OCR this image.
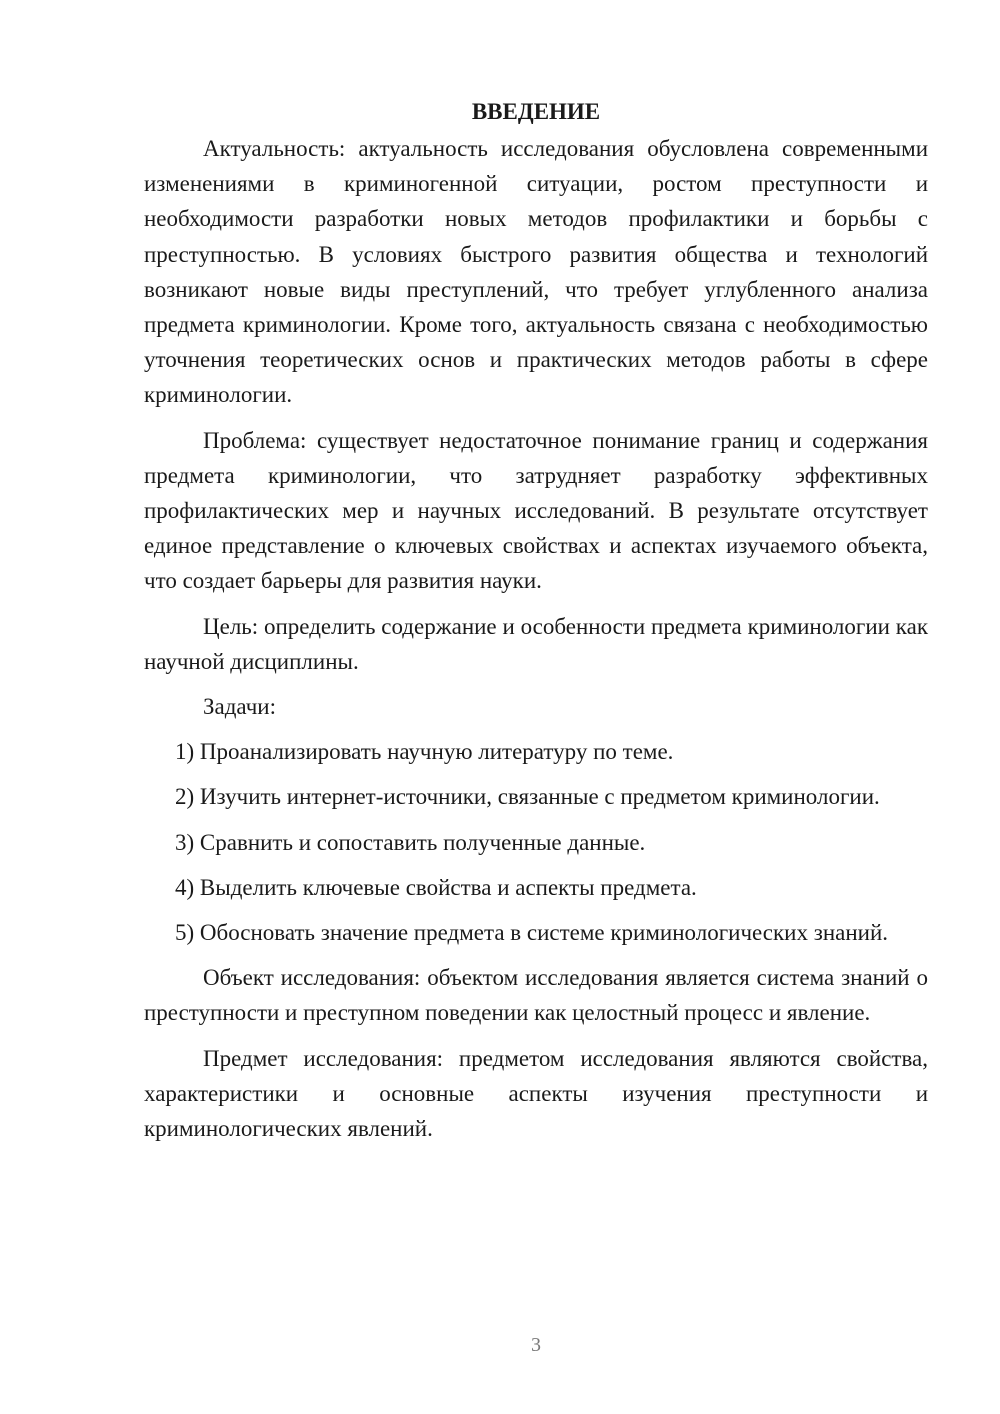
ВВЕДЕНИЕ

Актуальность: актуальность исследования обусловлена современными изменениями в криминогенной ситуации, ростом преступности и необходимости разработки новых методов профилактики и борьбы с преступностью. В условиях быстрого развития общества и технологий возникают новые виды преступлений, что требует углубленного анализа предмета криминологии. Кроме того, актуальность связана с необходимостью уточнения теоретических основ и практических методов работы в сфере криминологии.

Проблема: существует недостаточное понимание границ и содержания предмета криминологии, что затрудняет разработку эффективных профилактических мер и научных исследований. В результате отсутствует единое представление о ключевых свойствах и аспектах изучаемого объекта, что создает барьеры для развития науки.

Цель: определить содержание и особенности предмета криминологии как научной дисциплины.

Задачи:

1) Проанализировать научную литературу по теме.

2) Изучить интернет-источники, связанные с предметом криминологии.

3) Сравнить и сопоставить полученные данные.

4) Выделить ключевые свойства и аспекты предмета.

5) Обосновать значение предмета в системе криминологических знаний.

Объект исследования: объектом исследования является система знаний о преступности и преступном поведении как целостный процесс и явление.

Предмет исследования: предметом исследования являются свойства, характеристики и основные аспекты изучения преступности и криминологических явлений.

3
